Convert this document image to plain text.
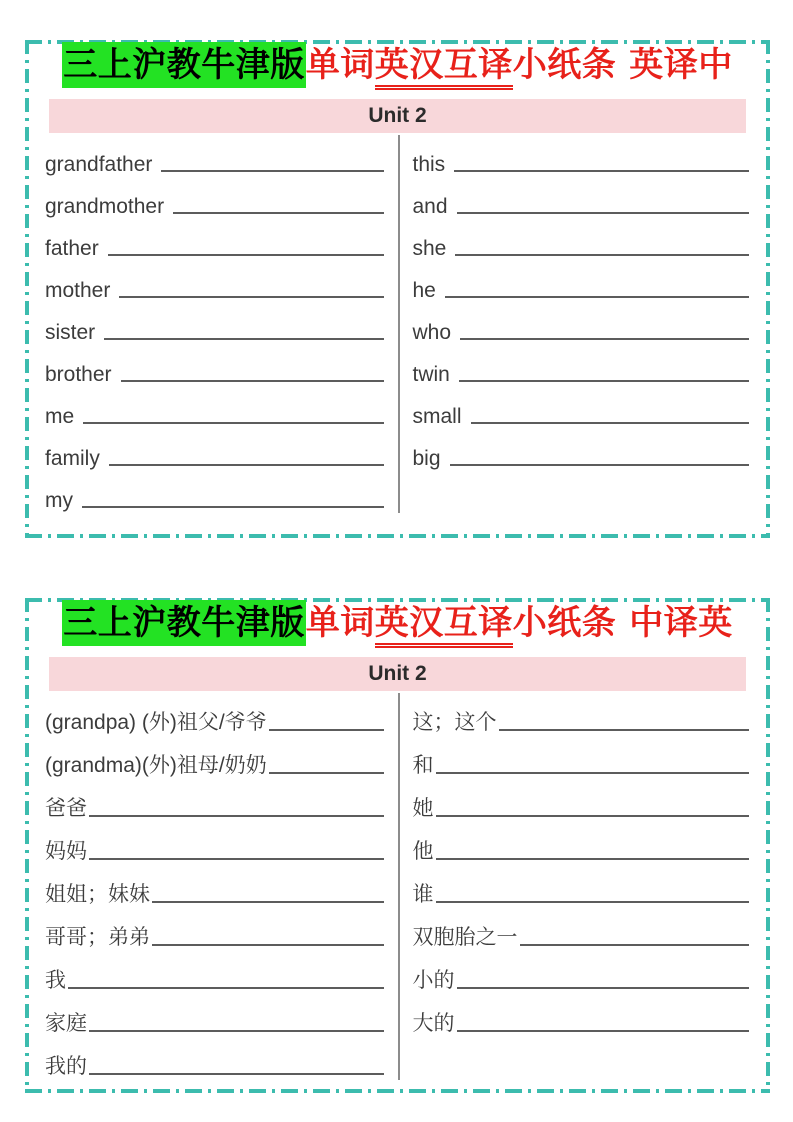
三上沪教牛津版单词英汉互译小纸条 英译中
Unit 2
grandfather
grandmother
father
mother
sister
brother
me
family
my
this
and
she
he
who
twin
small
big
三上沪教牛津版单词英汉互译小纸条 中译英
Unit 2
(grandpa) (外)祖父/爷爷
(grandma)(外)祖母/奶奶
爸爸
妈妈
姐姐；妹妹
哥哥；弟弟
我
家庭
我的
这；这个
和
她
他
谁
双胞胎之一
小的
大的
